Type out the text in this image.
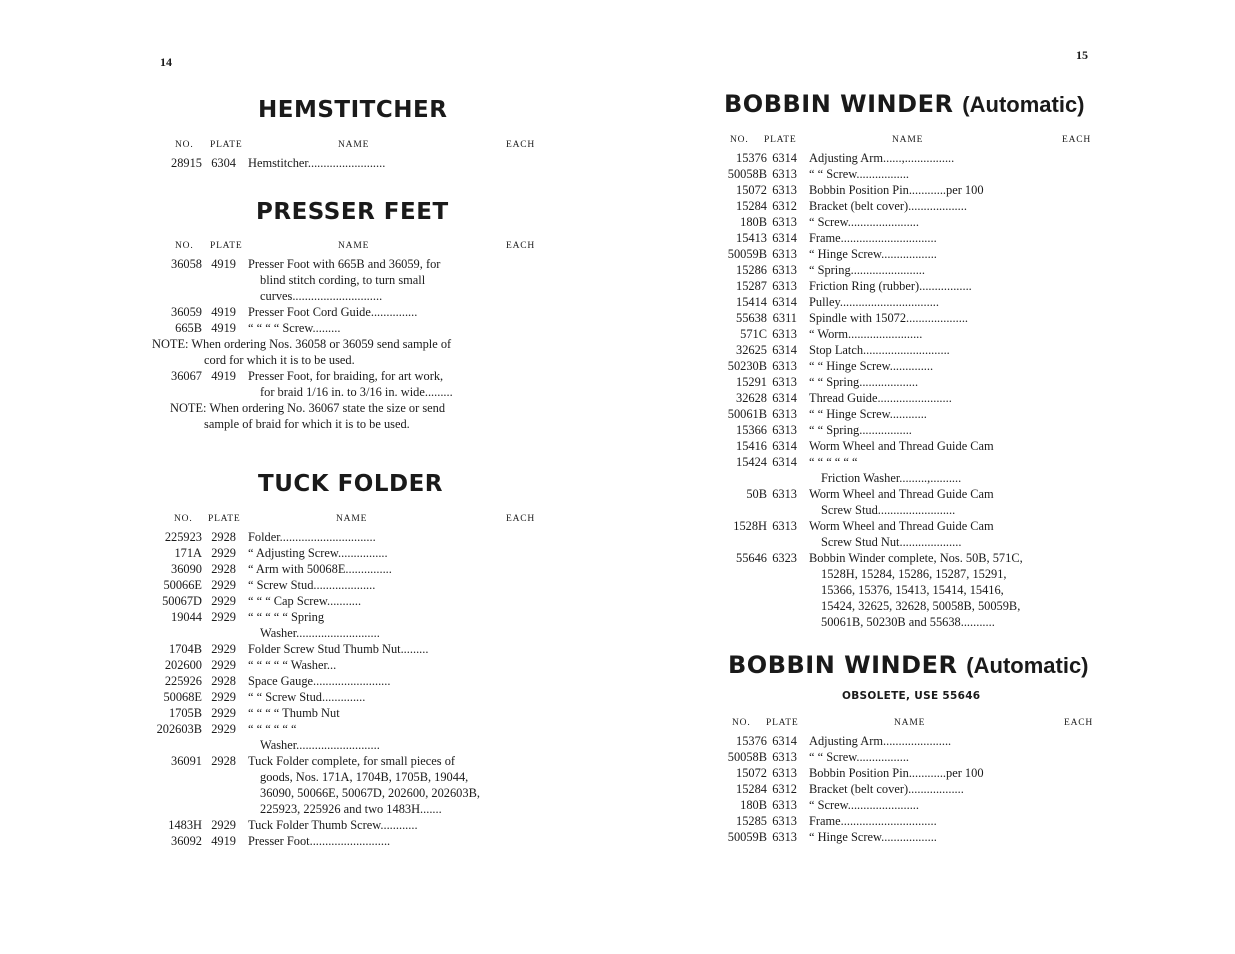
14
HEMSTITCHER
NO. PLATE	NAME	EACH
28915 6304 Hemstitcher.........................
PRESSER FEET
NO. PLATE	NAME	EACH
36058 4919 Presser Foot with 665B and 36059, for
blind stitch cording, to turn small
curves.............................
36059 4919 Presser Foot Cord Guide...............
665B 4919 “ “ “ “ Screw.........
NOTE: When ordering Nos. 36058 or 36059 send sample of
cord for which it is to be used.
36067 4919 Presser Foot, for braiding, for art work,
for braid 1/16 in. to 3/16 in. wide.........
NOTE: When ordering No. 36067 state the size or send
sample of braid for which it is to be used.
TUCK FOLDER
NO. PLATE	NAME	EACH
225923 2928 Folder...............................
171A 2929 “ Adjusting Screw................
36090 2928 “ Arm with 50068E...............
50066E 2929 “ Screw Stud....................
50067D 2929 “ “ “ Cap Screw...........
19044 2929 “ “ “ “ “ Spring
Washer...........................
1704B 2929 Folder Screw Stud Thumb Nut.........
202600 2929 “ “ “ “ “ Washer...
225926 2928 Space Gauge.........................
50068E 2929 “ “ Screw Stud..............
1705B 2929 “ “ “ “ Thumb Nut
202603B 2929 “ “ “ “ “ “
Washer...........................
36091 2928 Tuck Folder complete, for small pieces of
goods, Nos. 171A, 1704B, 1705B, 19044,
36090, 50066E, 50067D, 202600, 202603B,
225923, 225926 and two 1483H.......
1483H 2929 Tuck Folder Thumb Screw............
36092 4919 Presser Foot..........................
15
BOBBIN WINDER (Automatic)
NO. PLATE	NAME	EACH
15376 6314 Adjusting Arm......,................
50058B 6313 “ “ Screw.................
15072 6313 Bobbin Position Pin............per 100
15284 6312 Bracket (belt cover)...................
180B 6313 “ Screw.......................
15413 6314 Frame...............................
50059B 6313 “ Hinge Screw..................
15286 6313 “ Spring........................
15287 6313 Friction Ring (rubber).................
15414 6314 Pulley................................
55638 6311 Spindle with 15072....................
571C 6313 “ Worm........................
32625 6314 Stop Latch............................
50230B 6313 “ “ Hinge Screw..............
15291 6313 “ “ Spring...................
32628 6314 Thread Guide........................
50061B 6313 “ “ Hinge Screw............
15366 6313 “ “ Spring.................
15416 6314 Worm Wheel and Thread Guide Cam
15424 6314 “ “ “ “ “ “
Friction Washer.........,..........
50B 6313 Worm Wheel and Thread Guide Cam
Screw Stud.........................
1528H 6313 Worm Wheel and Thread Guide Cam
Screw Stud Nut....................
55646 6323 Bobbin Winder complete, Nos. 50B, 571C,
1528H, 15284, 15286, 15287, 15291,
15366, 15376, 15413, 15414, 15416,
15424, 32625, 32628, 50058B, 50059B,
50061B, 50230B and 55638...........
BOBBIN WINDER (Automatic)
OBSOLETE, USE 55646
NO. PLATE	NAME	EACH
15376 6314 Adjusting Arm......................
50058B 6313 “ “ Screw.................
15072 6313 Bobbin Position Pin............per 100
15284 6312 Bracket (belt cover)..................
180B 6313 “ Screw.......................
15285 6313 Frame...............................
50059B 6313 “ Hinge Screw..................
